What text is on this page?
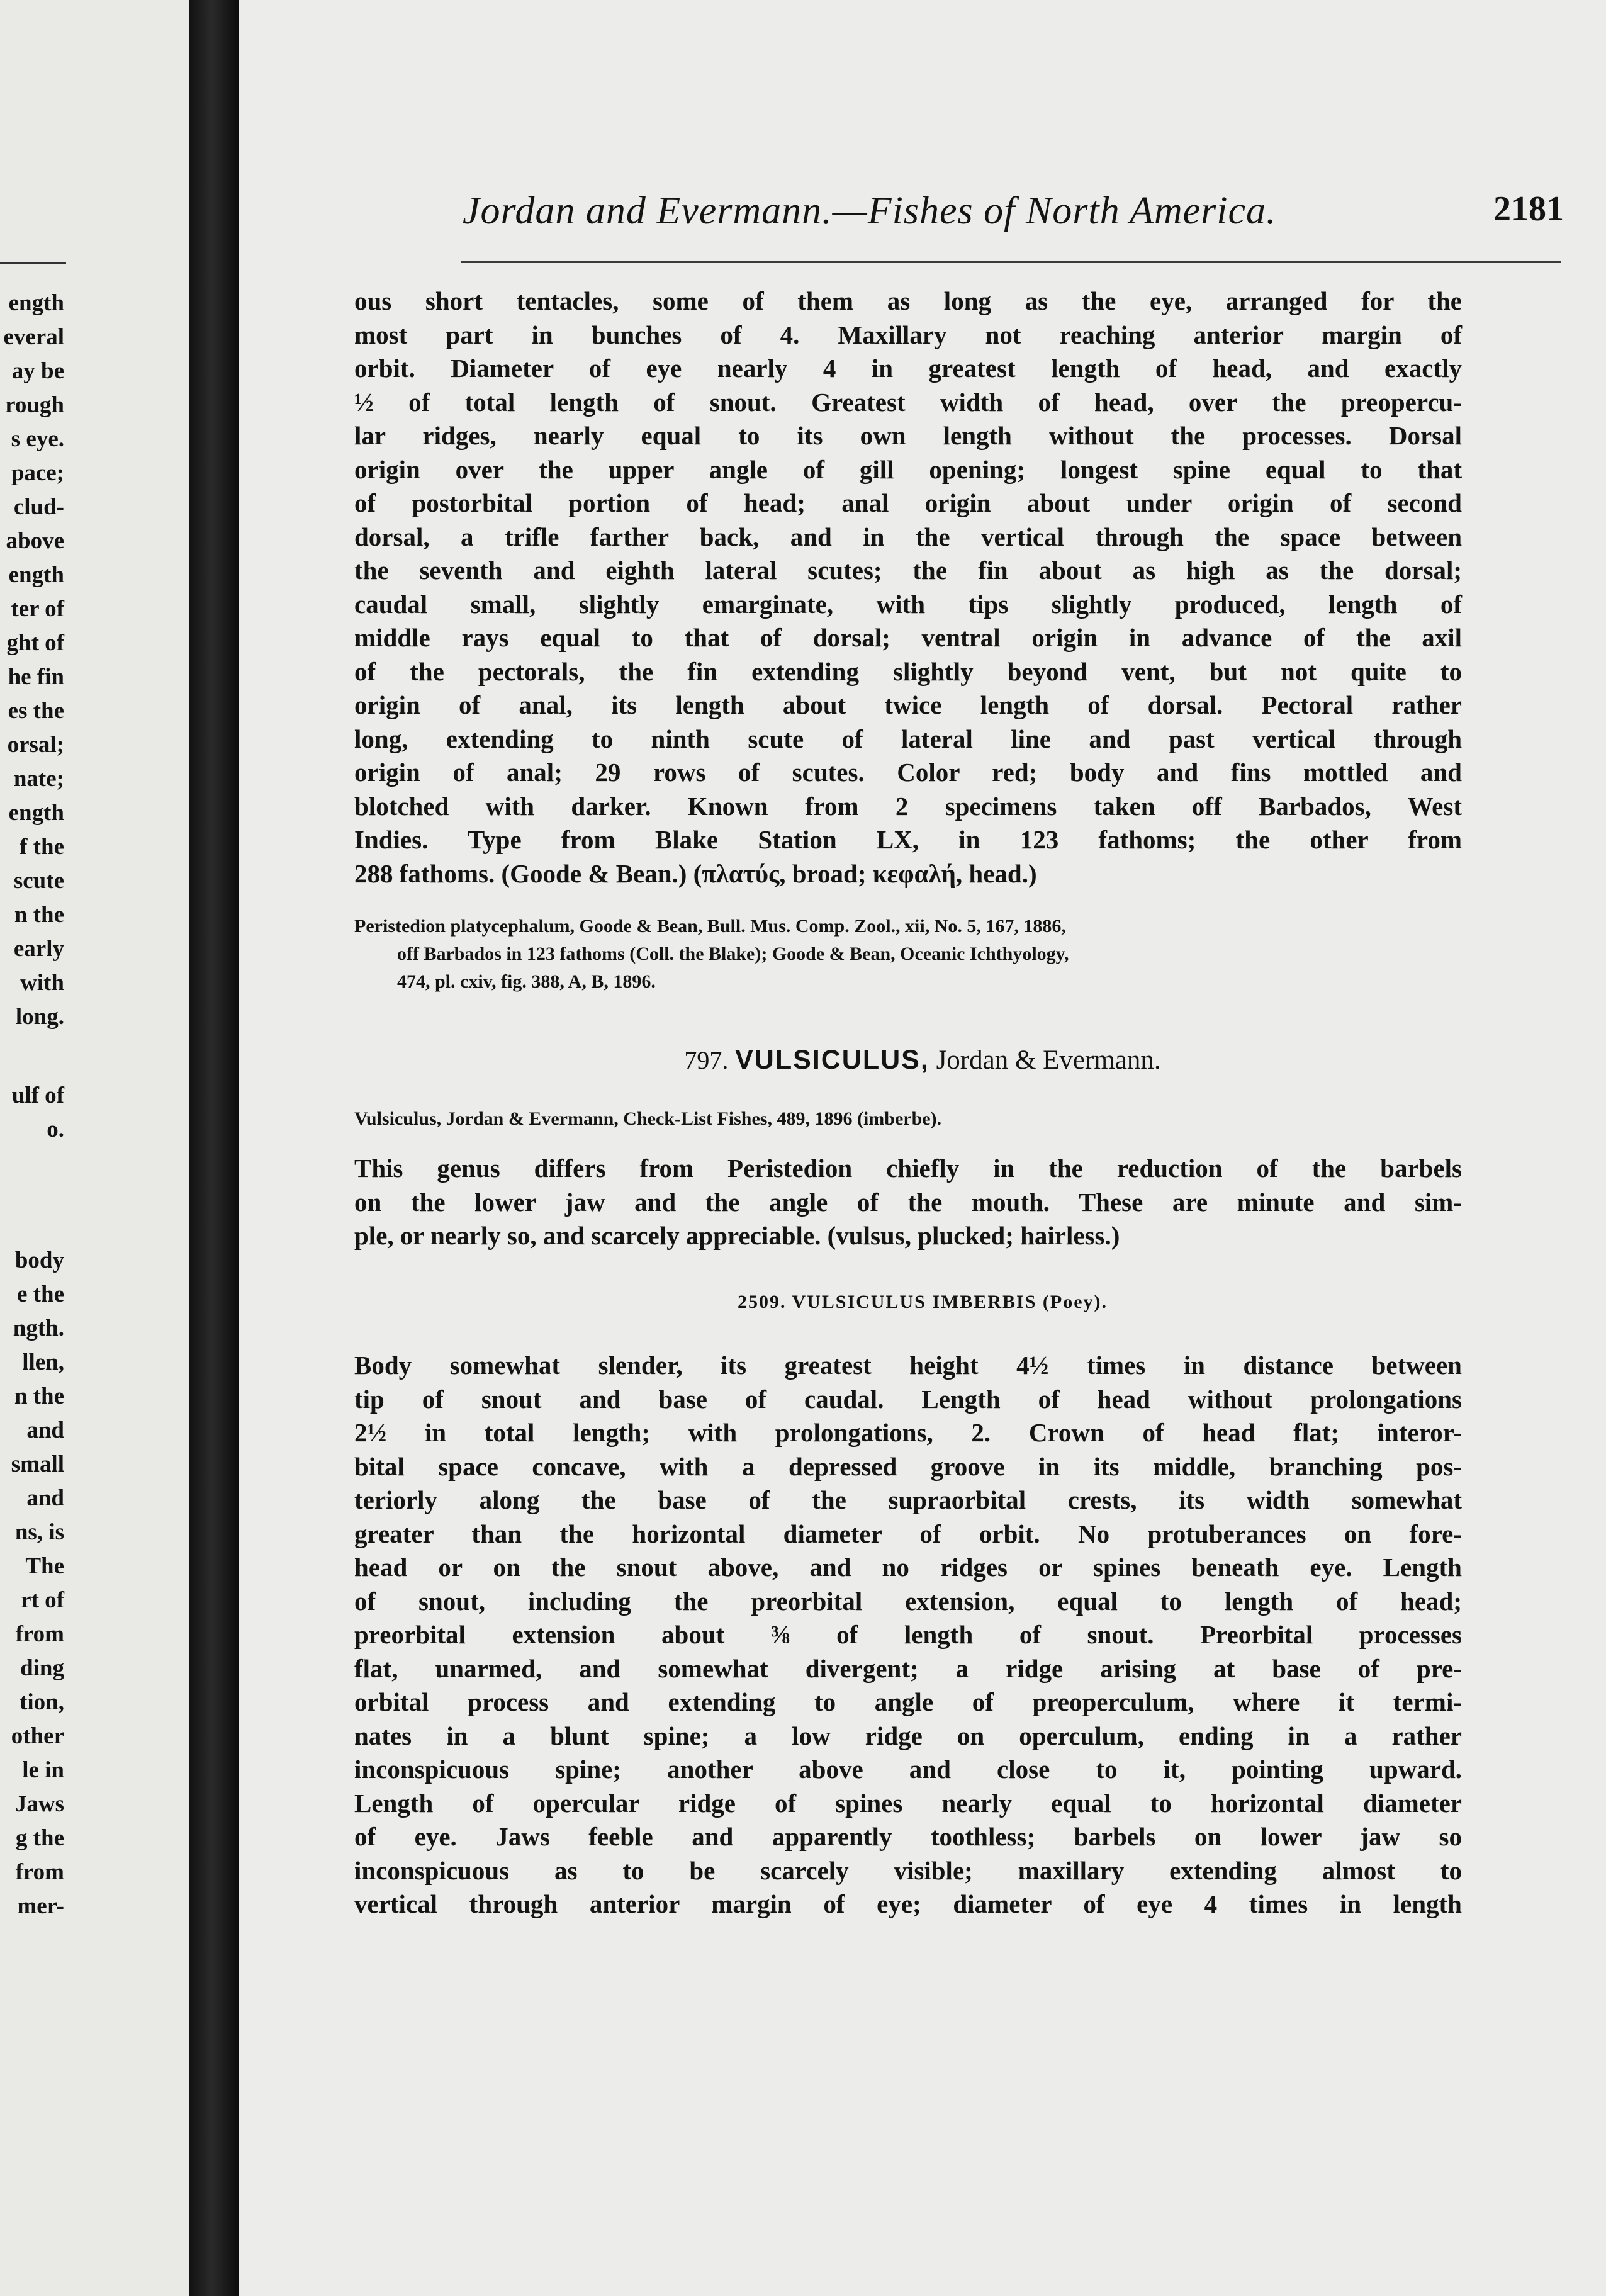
ength
everal
ay be
rough
s eye.
pace;
clud-
above
ength
ter of
ght of
he fin
es the
orsal;
nate;
ength
f the
scute
n the
early
with
long.
ulf of
o.
body
e the
ngth.
llen,
n the
and
small
and
ns, is
The
rt of
from
ding
tion,
other
le in
Jaws
g the
from
mer-
Jordan and Evermann.—Fishes of North America.	2181
ous short tentacles, some of them as long as the eye, arranged for the
most part in bunches of 4. Maxillary not reaching anterior margin of
orbit. Diameter of eye nearly 4 in greatest length of head, and exactly
½ of total length of snout. Greatest width of head, over the preopercu-
lar ridges, nearly equal to its own length without the processes. Dorsal
origin over the upper angle of gill opening; longest spine equal to that
of postorbital portion of head; anal origin about under origin of second
dorsal, a trifle farther back, and in the vertical through the space between
the seventh and eighth lateral scutes; the fin about as high as the dorsal;
caudal small, slightly emarginate, with tips slightly produced, length of
middle rays equal to that of dorsal; ventral origin in advance of the axil
of the pectorals, the fin extending slightly beyond vent, but not quite to
origin of anal, its length about twice length of dorsal. Pectoral rather
long, extending to ninth scute of lateral line and past vertical through
origin of anal; 29 rows of scutes. Color red; body and fins mottled and
blotched with darker. Known from 2 specimens taken off Barbados, West
Indies. Type from Blake Station LX, in 123 fathoms; the other from
288 fathoms. (Goode & Bean.) (πλατύς, broad; κεφαλή, head.)
Peristedion platycephalum, Goode & Bean, Bull. Mus. Comp. Zool., xii, No. 5, 167, 1886,
off Barbados in 123 fathoms (Coll. the Blake); Goode & Bean, Oceanic Ichthyology,
474, pl. cxiv, fig. 388, A, B, 1896.
797. VULSICULUS, Jordan & Evermann.
Vulsiculus, Jordan & Evermann, Check-List Fishes, 489, 1896 (imberbe).
This genus differs from Peristedion chiefly in the reduction of the barbels
on the lower jaw and the angle of the mouth. These are minute and sim-
ple, or nearly so, and scarcely appreciable. (vulsus, plucked; hairless.)
2509. VULSICULUS IMBERBIS (Poey).
Body somewhat slender, its greatest height 4½ times in distance between
tip of snout and base of caudal. Length of head without prolongations
2½ in total length; with prolongations, 2. Crown of head flat; interor-
bital space concave, with a depressed groove in its middle, branching pos-
teriorly along the base of the supraorbital crests, its width somewhat
greater than the horizontal diameter of orbit. No protuberances on fore-
head or on the snout above, and no ridges or spines beneath eye. Length
of snout, including the preorbital extension, equal to length of head;
preorbital extension about ⅜ of length of snout. Preorbital processes
flat, unarmed, and somewhat divergent; a ridge arising at base of pre-
orbital process and extending to angle of preoperculum, where it termi-
nates in a blunt spine; a low ridge on operculum, ending in a rather
inconspicuous spine; another above and close to it, pointing upward.
Length of opercular ridge of spines nearly equal to horizontal diameter
of eye. Jaws feeble and apparently toothless; barbels on lower jaw so
inconspicuous as to be scarcely visible; maxillary extending almost to
vertical through anterior margin of eye; diameter of eye 4 times in length
